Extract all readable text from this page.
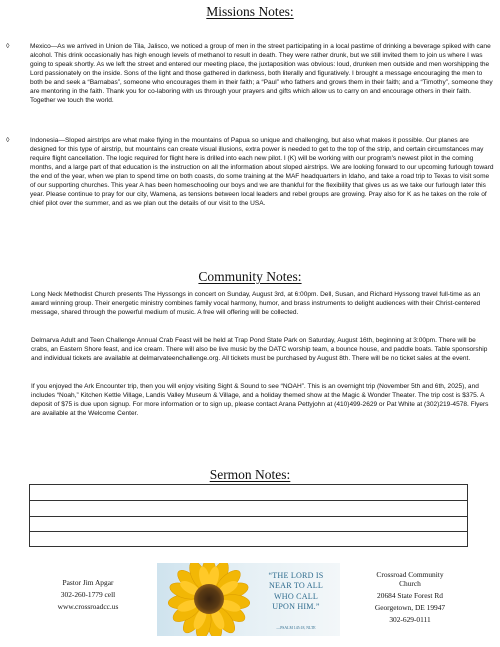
Missions Notes:
◊	Mexico—As we arrived in Union de Tila, Jalisco, we noticed a group of men in the street participating in a local pastime of drinking a beverage spiked with cane alcohol. This drink occasionally has high enough levels of methanol to result in death. They were rather drunk, but we still invited them to join us where I was going to speak shortly. As we left the street and entered our meeting place, the juxtaposition was obvious: loud, drunken men outside and men worshipping the Lord passionately on the inside. Sons of the light and those gathered in darkness, both literally and figuratively. I brought a message encouraging the men to both be and seek a “Barnabas”, someone who encourages them in their faith; a “Paul” who fathers and grows them in their faith; and a “Timothy”, someone they are mentoring in the faith. Thank you for co-laboring with us through your prayers and gifts which allow us to carry on and encourage others in their faith. Together we touch the world.
◊	Indonesia—Sloped airstrips are what make flying in the mountains of Papua so unique and challenging, but also what makes it possible. Our planes are designed for this type of airstrip, but mountains can create visual illusions, extra power is needed to get to the top of the strip, and certain circumstances may require flight cancellation. The logic required for flight here is drilled into each new pilot. I (K) will be working with our program's newest pilot in the coming months, and a large part of that education is the instruction on all the information about sloped airstrips. We are looking forward to our upcoming furlough toward the end of the year, when we plan to spend time on both coasts, do some training at the MAF headquarters in Idaho, and take a road trip to Texas to visit some of our supporting churches. This year A has been homeschooling our boys and we are thankful for the flexibility that gives us as we take our furlough later this year. Please continue to pray for our city, Wamena, as tensions between local leaders and rebel groups are growing. Pray also for K as he takes on the role of chief pilot over the summer, and as we plan out the details of our visit to the USA.
Community Notes:
Long Neck Methodist Church presents The Hyssongs in concert on Sunday, August 3rd, at 6:00pm. Dell, Susan, and Richard Hyssong travel full-time as an award winning group. Their energetic ministry combines family vocal harmony, humor, and brass instruments to delight audiences with their Christ-centered message, shared through the powerful medium of music. A free will offering will be collected.
Delmarva Adult and Teen Challenge Annual Crab Feast will be held at Trap Pond State Park on Saturday, August 16th, beginning at 3:00pm. There will be crabs, an Eastern Shore feast, and ice cream. There will also be live music by the DATC worship team, a bounce house, and paddle boats. Table sponsorship and individual tickets are available at delmarvateenchallenge.org. All tickets must be purchased by August 8th. There will be no ticket sales at the event.
If you enjoyed the Ark Encounter trip, then you will enjoy visiting Sight & Sound to see “NOAH”. This is an overnight trip (November 5th and 6th, 2025), and includes “Noah,” Kitchen Kettle Village, Landis Valley Museum & Village, and a holiday themed show at the Magic & Wonder Theater. The trip cost is $375. A deposit of $75 is due upon signup. For more information or to sign up, please contact Arana Pettyjohn at (410)499-2629 or Pat White at (302)219-4578. Flyers are available at the Welcome Center.
Sermon Notes:
Pastor Jim Apgar
302-260-1779 cell
www.crossroadcc.us
“THE LORD IS
NEAR TO ALL
WHO CALL
UPON HIM.”
—PSALM 145:18, NLTE
Crossroad Community
Church
20684 State Forest Rd
Georgetown, DE 19947
302-629-0111
